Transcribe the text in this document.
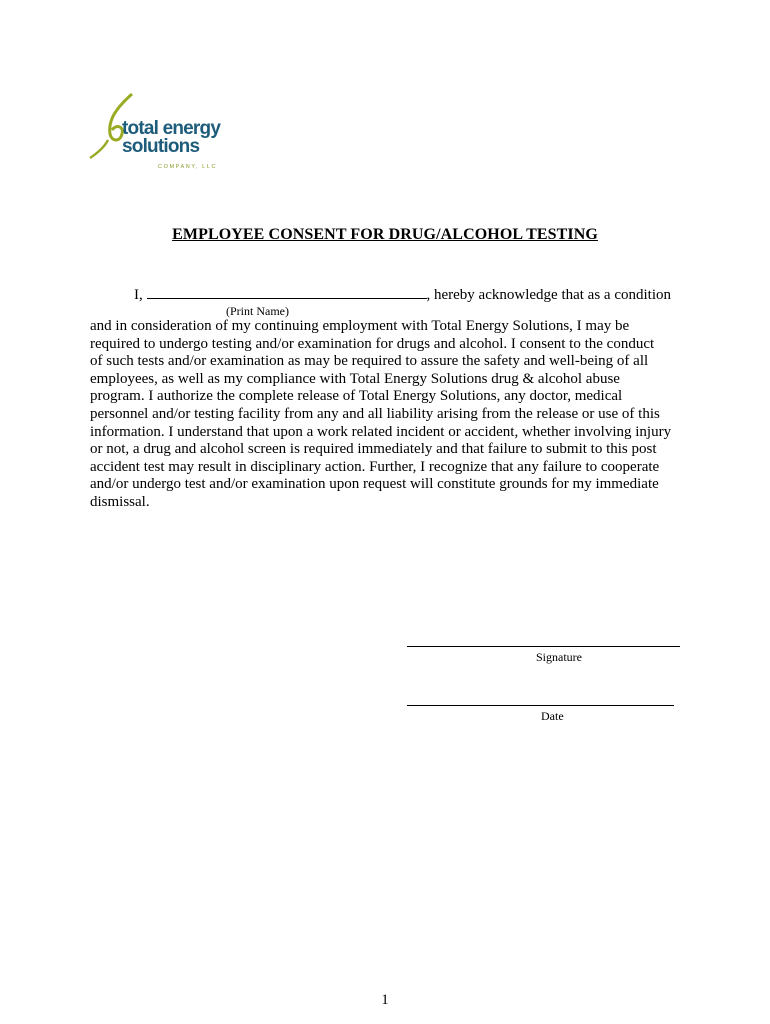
total energy
solutions
COMPANY, LLC
EMPLOYEE CONSENT FOR DRUG/ALCOHOL TESTING
I,	, hereby acknowledge that as a condition
(Print Name)
and in consideration of my continuing employment with Total Energy Solutions, I may be
required to undergo testing and/or examination for drugs and alcohol. I consent to the conduct
of such tests and/or examination as may be required to assure the safety and well-being of all
employees, as well as my compliance with Total Energy Solutions drug & alcohol abuse
program. I authorize the complete release of Total Energy Solutions, any doctor, medical
personnel and/or testing facility from any and all liability arising from the release or use of this
information. I understand that upon a work related incident or accident, whether involving injury
or not, a drug and alcohol screen is required immediately and that failure to submit to this post
accident test may result in disciplinary action. Further, I recognize that any failure to cooperate
and/or undergo test and/or examination upon request will constitute grounds for my immediate
dismissal.
Signature
Date
1
